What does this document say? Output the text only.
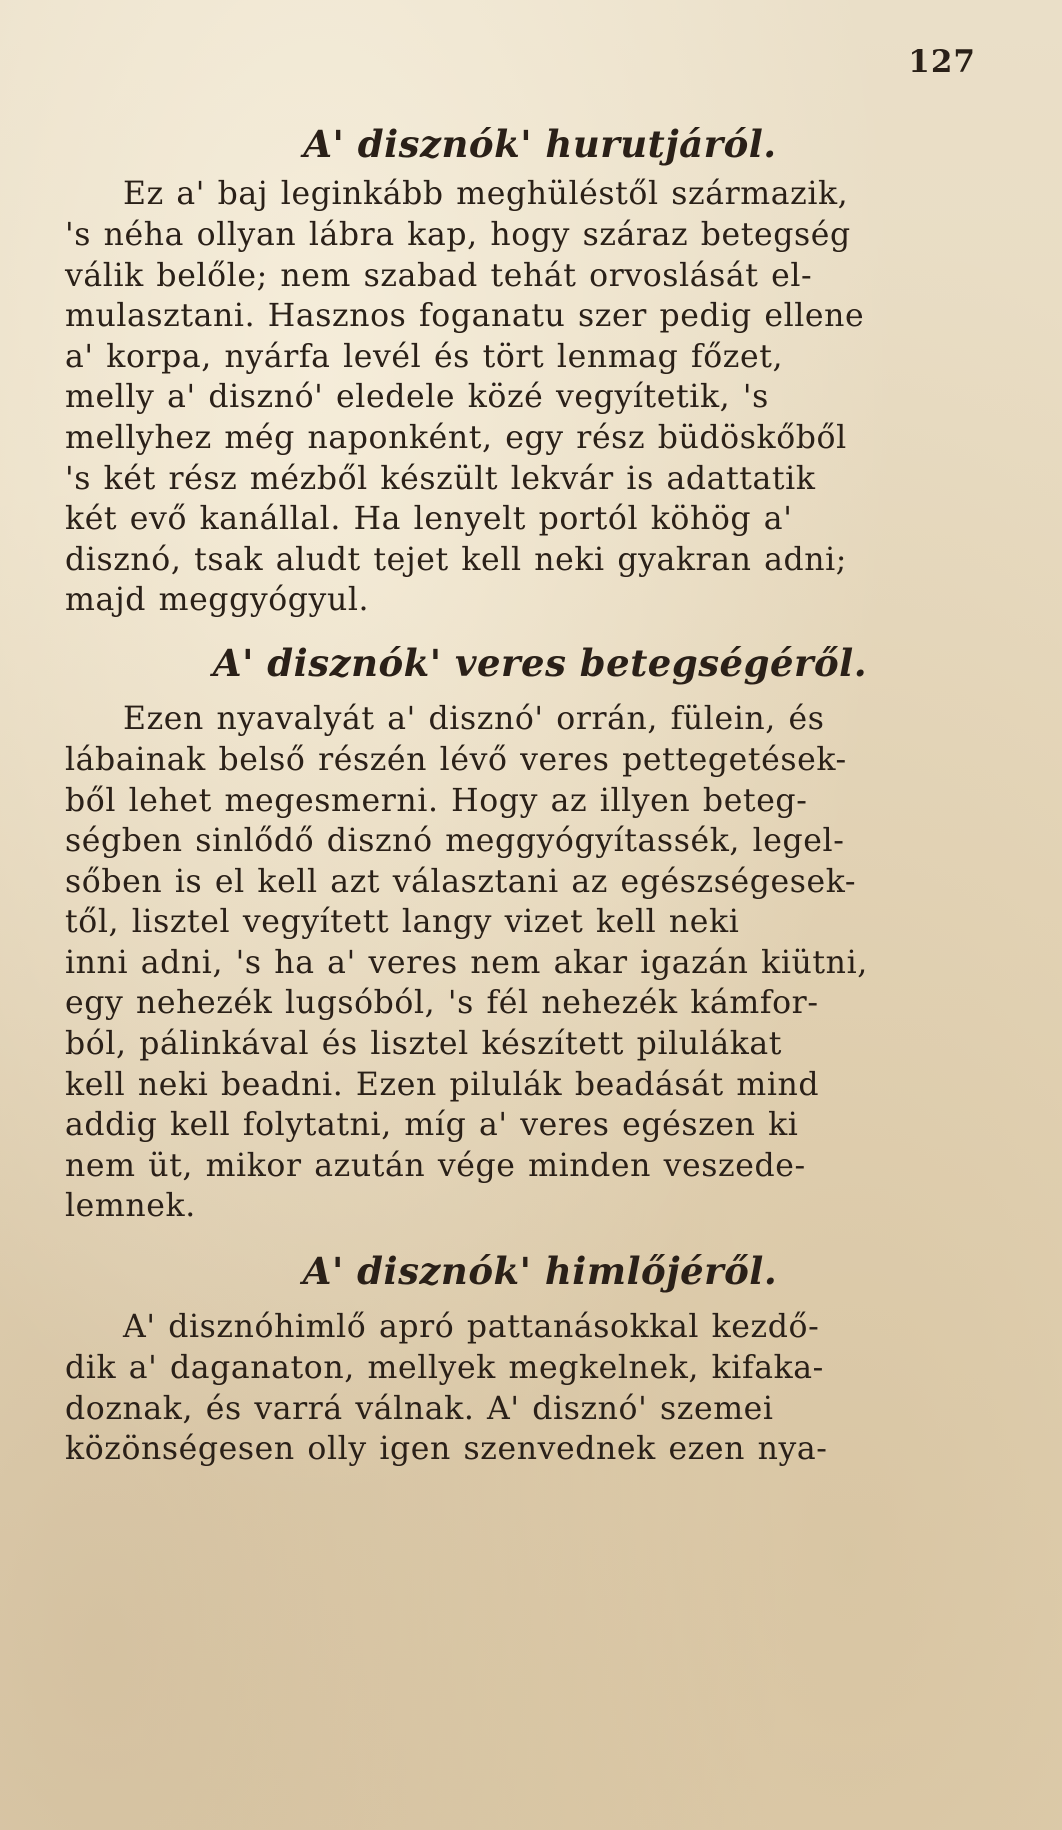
127
A' disznók' hurutjáról.

Ez a' baj leginkább meghüléstől származik,
's néha ollyan lábra kap, hogy száraz betegség
válik belőle; nem szabad tehát orvoslását el-
mulasztani. Hasznos foganatu szer pedig ellene
a' korpa, nyárfa levél és tört lenmag főzet,
melly a' disznó' eledele közé vegyítetik, 's
mellyhez még naponként, egy rész büdöskőből
's két rész mézből készült lekvár is adattatik
két evő kanállal. Ha lenyelt portól köhög a'
disznó, tsak aludt tejet kell neki gyakran adni;
majd meggyógyul.

A' disznók' veres betegségéről.

Ezen nyavalyát a' disznó' orrán, fülein, és
lábainak belső részén lévő veres pettegetések-
ből lehet megesmerni. Hogy az illyen beteg-
ségben sinlődő disznó meggyógyítassék, legel-
sőben is el kell azt választani az egészségesek-
től, lisztel vegyített langy vizet kell neki
inni adni, 's ha a' veres nem akar igazán kiütni,
egy nehezék lugsóból, 's fél nehezék kámfor-
ból, pálinkával és lisztel készített pilulákat
kell neki beadni. Ezen pilulák beadását mind
addig kell folytatni, míg a' veres egészen ki
nem üt, mikor azután vége minden veszede-
lemnek.

A' disznók' himlőjéről.

A' disznóhimlő apró pattanásokkal kezdő-
dik a' daganaton, mellyek megkelnek, kifaka-
doznak, és varrá válnak. A' disznó' szemei
közönségesen olly igen szenvednek ezen nya-
